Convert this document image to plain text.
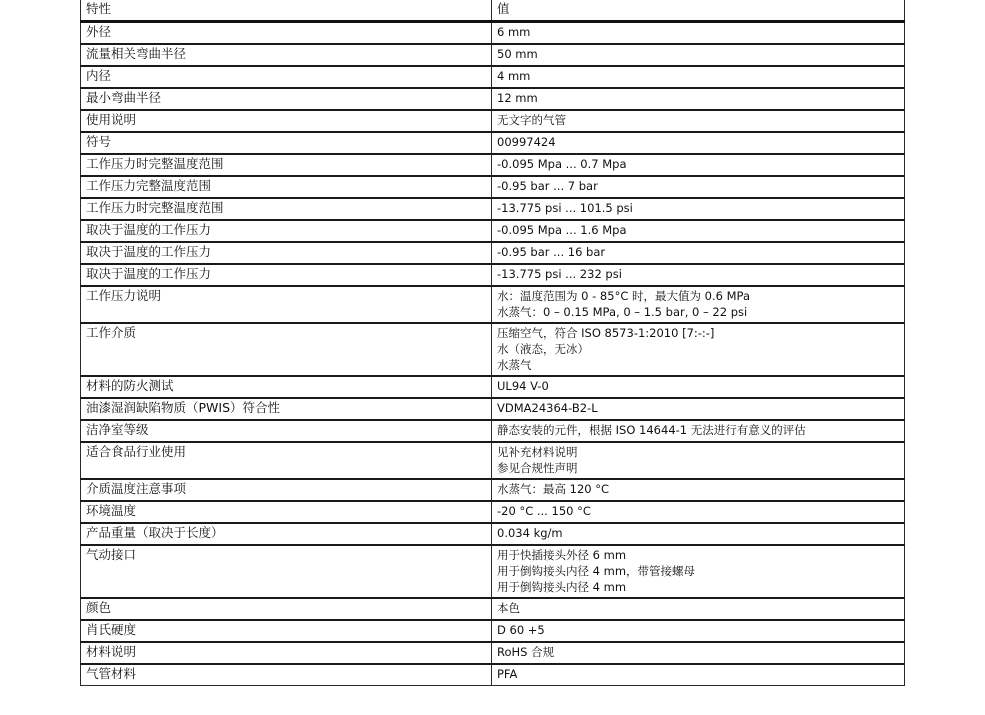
特性	值
外径	6 mm

流量相关弯曲半径	50 mm

内径	4 mm

最小弯曲半径	12 mm

使用说明	无文字的气管

符号	00997424

工作压力时完整温度范围	-0.095 Mpa ... 0.7 Mpa

工作压力完整温度范围	-0.95 bar ... 7 bar

工作压力时完整温度范围	-13.775 psi ... 101.5 psi

取决于温度的工作压力	-0.095 Mpa ... 1.6 Mpa

取决于温度的工作压力	-0.95 bar ... 16 bar

取决于温度的工作压力	-13.775 psi ... 232 psi

工作压力说明	水：温度范围为 0 - 85°C 时，最大值为 0.6 MPa
水蒸气：0 – 0.15 MPa, 0 – 1.5 bar, 0 – 22 psi

工作介质	压缩空气，符合 ISO 8573-1:2010 [7:-:-]
水（液态，无冰）
水蒸气

材料的防火测试	UL94 V-0

油漆湿润缺陷物质（PWIS）符合性	VDMA24364-B2-L

洁净室等级	静态安装的元件，根据 ISO 14644-1 无法进行有意义的评估

适合食品行业使用	见补充材料说明
参见合规性声明

介质温度注意事项	水蒸气：最高 120 °C

环境温度	-20 °C ... 150 °C

产品重量（取决于长度）	0.034 kg/m

气动接口	用于快插接头外径 6 mm
用于倒钩接头内径 4 mm，带管接螺母
用于倒钩接头内径 4 mm

颜色	本色

肖氏硬度	D 60 +5

材料说明	RoHS 合规

气管材料	PFA
